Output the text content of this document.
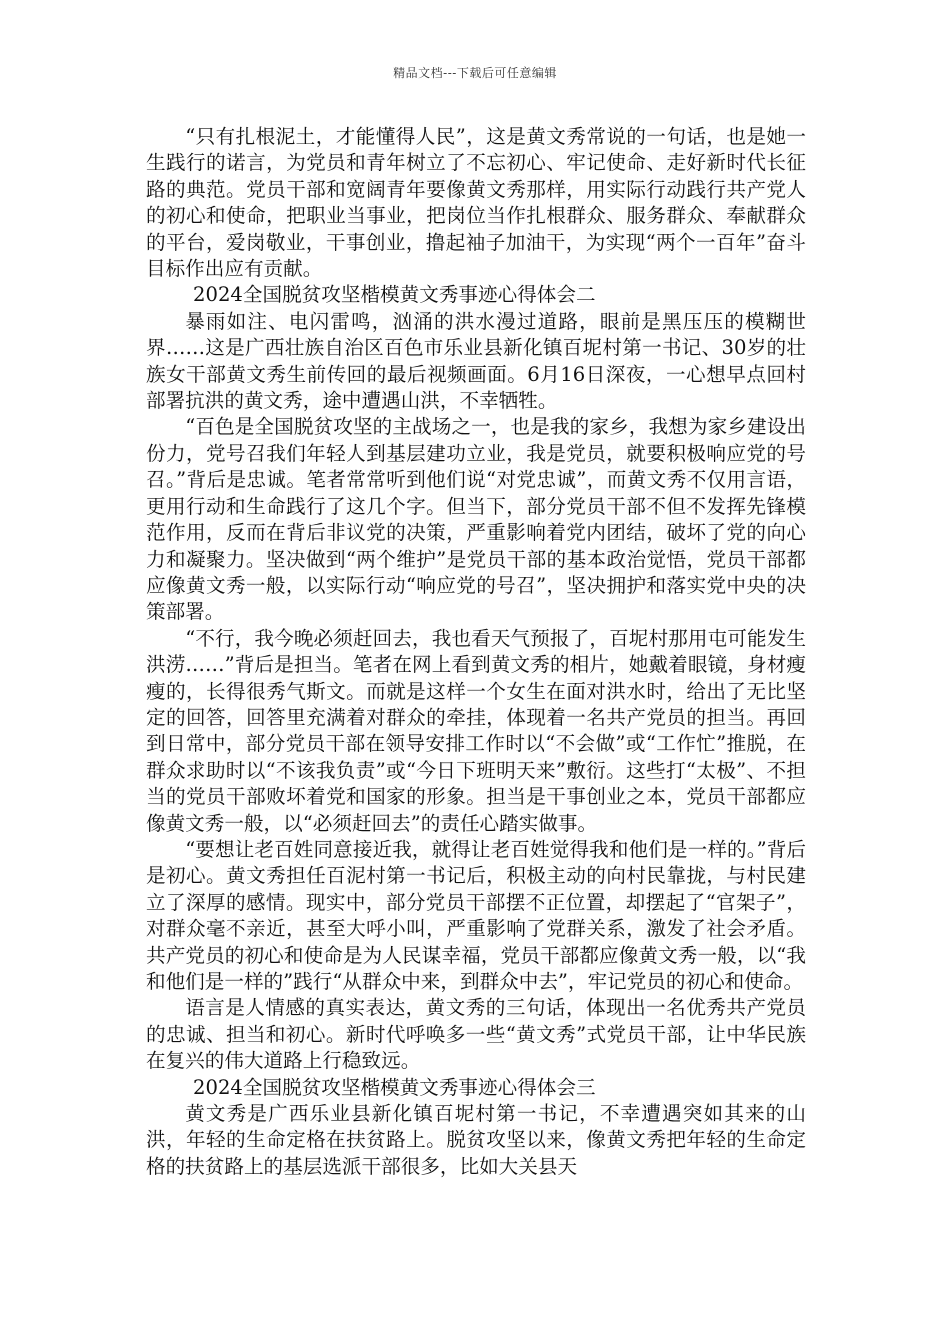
精品文档---下载后可任意编辑

“只有扎根泥土，才能懂得人民”，这是黄文秀常说的一句话，也是她一生践行的诺言，为党员和青年树立了不忘初心、牢记使命、走好新时代长征路的典范。党员干部和宽阔青年要像黄文秀那样，用实际行动践行共产党人的初心和使命，把职业当事业，把岗位当作扎根群众、服务群众、奉献群众的平台，爱岗敬业，干事创业，撸起袖子加油干，为实现“两个一百年”奋斗目标作出应有贡献。

2024全国脱贫攻坚楷模黄文秀事迹心得体会二

暴雨如注、电闪雷鸣，汹涌的洪水漫过道路，眼前是黑压压的模糊世界……这是广西壮族自治区百色市乐业县新化镇百坭村第一书记、30岁的壮族女干部黄文秀生前传回的最后视频画面。6月16日深夜，一心想早点回村部署抗洪的黄文秀，途中遭遇山洪，不幸牺牲。

“百色是全国脱贫攻坚的主战场之一，也是我的家乡，我想为家乡建设出份力，党号召我们年轻人到基层建功立业，我是党员，就要积极响应党的号召。”背后是忠诚。笔者常常听到他们说“对党忠诚”，而黄文秀不仅用言语，更用行动和生命践行了这几个字。但当下，部分党员干部不但不发挥先锋模范作用，反而在背后非议党的决策，严重影响着党内团结，破坏了党的向心力和凝聚力。坚决做到“两个维护”是党员干部的基本政治觉悟，党员干部都应像黄文秀一般，以实际行动“响应党的号召”，坚决拥护和落实党中央的决策部署。

“不行，我今晚必须赶回去，我也看天气预报了，百坭村那用屯可能发生洪涝……”背后是担当。笔者在网上看到黄文秀的相片，她戴着眼镜，身材瘦瘦的，长得很秀气斯文。而就是这样一个女生在面对洪水时，给出了无比坚定的回答，回答里充满着对群众的牵挂，体现着一名共产党员的担当。再回到日常中，部分党员干部在领导安排工作时以“不会做”或“工作忙”推脱，在群众求助时以“不该我负责”或“今日下班明天来”敷衍。这些打“太极”、不担当的党员干部败坏着党和国家的形象。担当是干事创业之本，党员干部都应像黄文秀一般，以“必须赶回去”的责任心踏实做事。

“要想让老百姓同意接近我，就得让老百姓觉得我和他们是一样的。”背后是初心。黄文秀担任百泥村第一书记后，积极主动的向村民靠拢，与村民建立了深厚的感情。现实中，部分党员干部摆不正位置，却摆起了“官架子”，对群众毫不亲近，甚至大呼小叫，严重影响了党群关系，激发了社会矛盾。共产党员的初心和使命是为人民谋幸福，党员干部都应像黄文秀一般，以“我和他们是一样的”践行“从群众中来，到群众中去”，牢记党员的初心和使命。

语言是人情感的真实表达，黄文秀的三句话，体现出一名优秀共产党员的忠诚、担当和初心。新时代呼唤多一些“黄文秀”式党员干部，让中华民族在复兴的伟大道路上行稳致远。

2024全国脱贫攻坚楷模黄文秀事迹心得体会三

黄文秀是广西乐业县新化镇百坭村第一书记，不幸遭遇突如其来的山洪，年轻的生命定格在扶贫路上。脱贫攻坚以来，像黄文秀把年轻的生命定格的扶贫路上的基层选派干部很多，比如大关县天
